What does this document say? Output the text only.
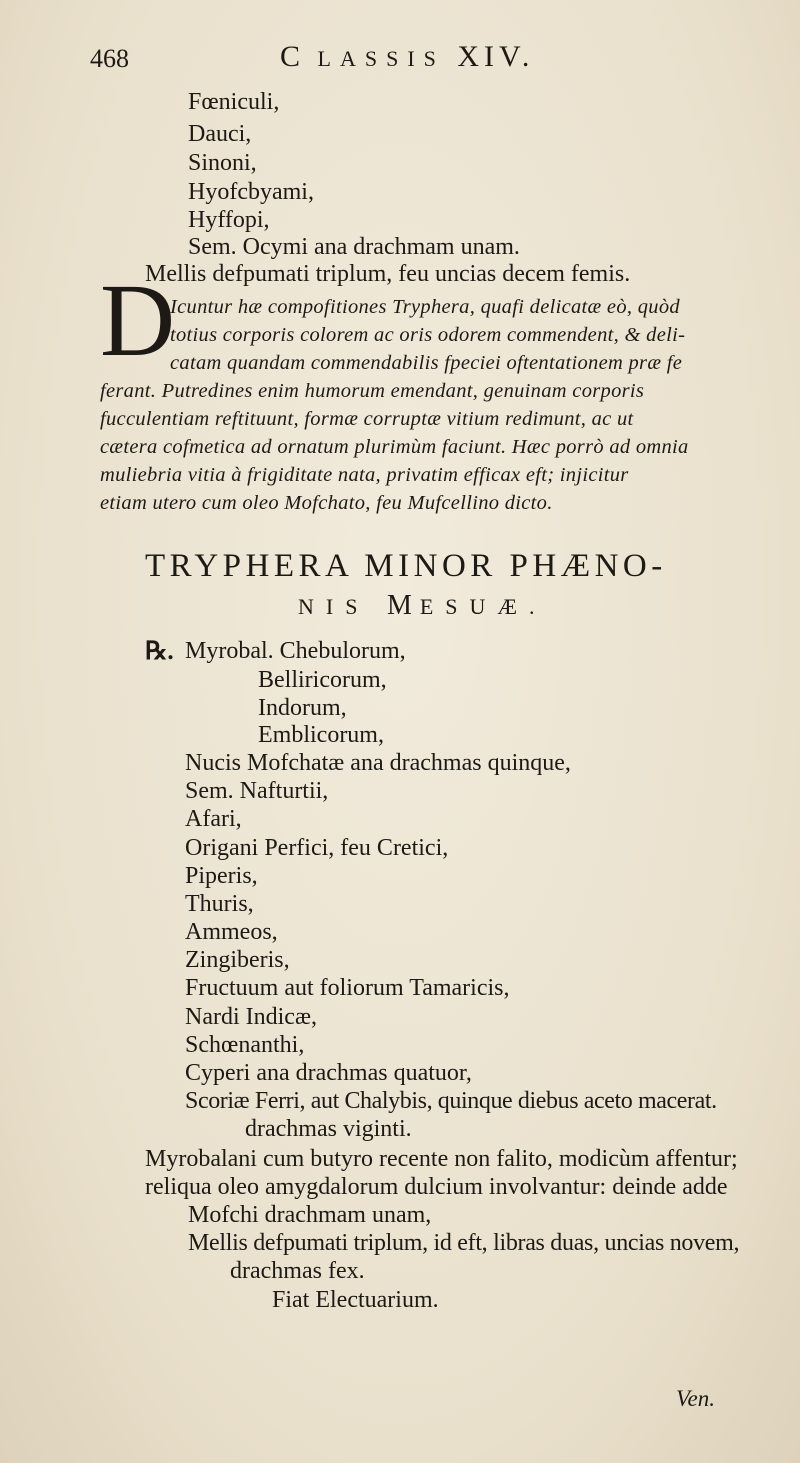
468	C LASSIS XIV.
Fœniculi,
Dauci,
Sinoni,
Hyofcbyami,
Hyffopi,
Sem. Ocymi ana drachmam unam.
Mellis defpumati triplum, feu uncias decem femis.
D
Icuntur hæ compofitiones Tryphera, quafi delicatæ eò, quòd
totius corporis colorem ac oris odorem commendent, & deli-
catam quandam commendabilis fpeciei oftentationem præ fe
ferant. Putredines enim humorum emendant, genuinam corporis
fucculentiam reftituunt, formæ corruptæ vitium redimunt, ac ut
cætera cofmetica ad ornatum plurimùm faciunt. Hæc porrò ad omnia
muliebria vitia à frigiditate nata, privatim efficax eft; injicitur
etiam utero cum oleo Mofchato, feu Mufcellino dicto.
TRYPHERA MINOR PHÆNO-
NIS MESUÆ.
℞. Myrobal. Chebulorum,
Belliricorum,
Indorum,
Emblicorum,
Nucis Mofchatæ ana drachmas quinque,
Sem. Nafturtii,
Afari,
Origani Perfici, feu Cretici,
Piperis,
Thuris,
Ammeos,
Zingiberis,
Fructuum aut foliorum Tamaricis,
Nardi Indicæ,
Schœnanthi,
Cyperi ana drachmas quatuor,
Scoriæ Ferri, aut Chalybis, quinque diebus aceto macerat.
drachmas viginti.
Myrobalani cum butyro recente non falito, modicùm affentur;
reliqua oleo amygdalorum dulcium involvantur: deinde adde
Mofchi drachmam unam,
Mellis defpumati triplum, id eft, libras duas, uncias novem,
drachmas fex.
Fiat Electuarium.
Ven.
